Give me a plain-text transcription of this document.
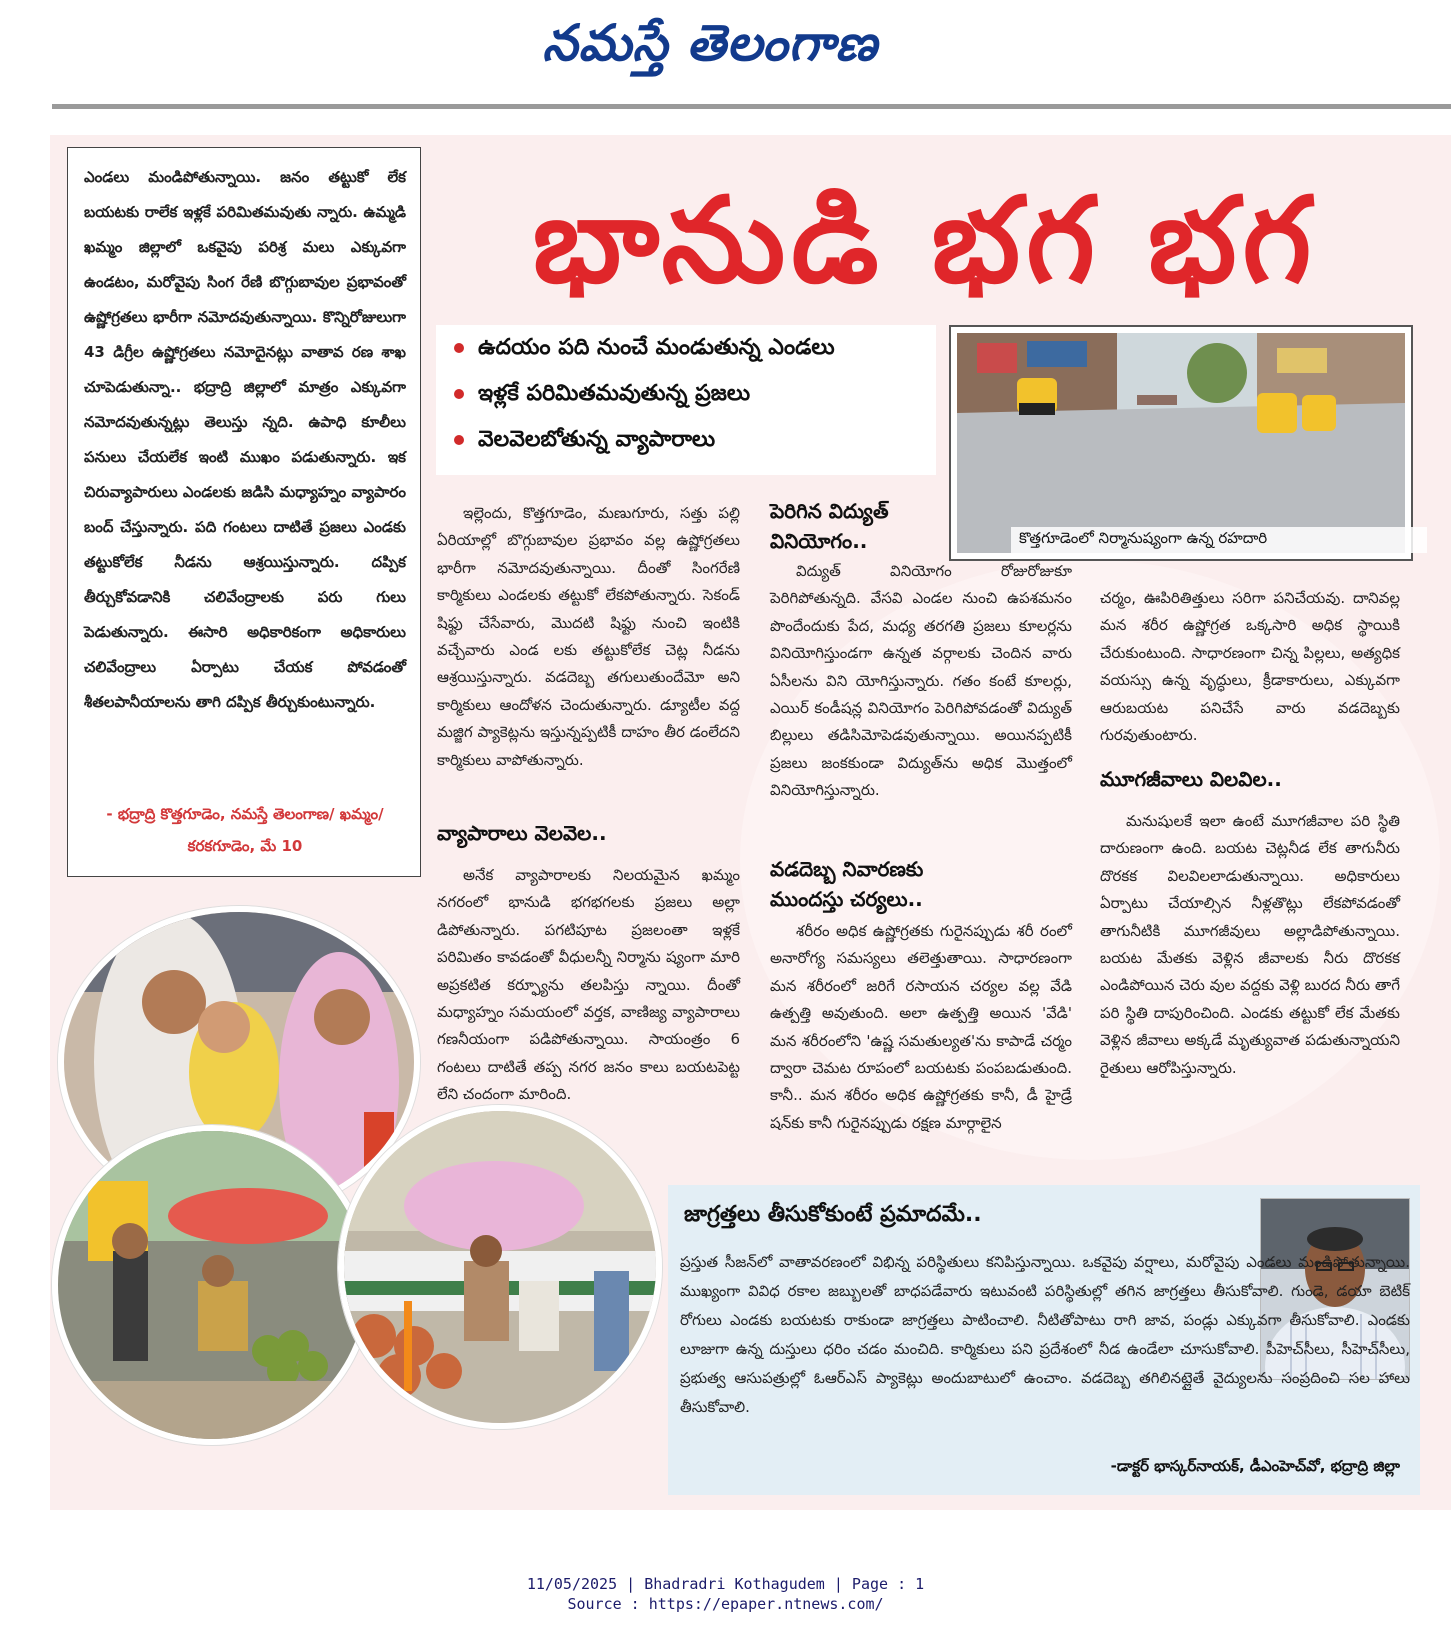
నమస్తే తెలంగాణ
ఎండలు మండిపోతున్నాయి. జనం తట్టుకో లేక బయటకు రాలేక ఇళ్లకే పరిమితమవుతు న్నారు. ఉమ్మడి ఖమ్మం జిల్లాలో ఒకవైపు పరిశ్ర మలు ఎక్కువగా ఉండటం, మరోవైపు సింగ రేణి బొగ్గుబావుల ప్రభావంతో ఉష్ణోగ్రతలు భారీగా నమోదవుతున్నాయి. కొన్నిరోజులుగా 43 డిగ్రీల ఉష్ణోగ్రతలు నమోదైనట్లు వాతావ రణ శాఖ చూపెడుతున్నా.. భద్రాద్రి జిల్లాలో మాత్రం ఎక్కువగా నమోదవుతున్నట్లు తెలుస్తు న్నది. ఉపాధి కూలీలు పనులు చేయలేక ఇంటి ముఖం పడుతున్నారు. ఇక చిరువ్యాపారులు ఎండలకు జడిసి మధ్యాహ్నం వ్యాపారం బంద్ చేస్తున్నారు. పది గంటలు దాటితే ప్రజలు ఎండకు తట్టుకోలేక నీడను ఆశ్రయిస్తున్నారు. దప్పిక తీర్చుకోవడానికి చలివేంద్రాలకు పరు గులు పెడుతున్నారు. ఈసారి అధికారికంగా అధికారులు చలివేంద్రాలు ఏర్పాటు చేయక పోవడంతో శీతలపానీయాలను తాగి దప్పిక తీర్చుకుంటున్నారు.
- భద్రాద్రి కొత్తగూడెం, నమస్తే తెలంగాణ/ ఖమ్మం/కరకగూడెం, మే 10
భానుడి భగ భగ
ఉదయం పది నుంచే మండుతున్న ఎండలు
ఇళ్లకే పరిమితమవుతున్న ప్రజలు
వెలవెలబోతున్న వ్యాపారాలు
కొత్తగూడెంలో నిర్మానుష్యంగా ఉన్న రహదారి
ఇల్లెందు, కొత్తగూడెం, మణుగూరు, సత్తు పల్లి ఏరియాల్లో బొగ్గుబావుల ప్రభావం వల్ల ఉష్ణోగ్రతలు భారీగా నమోదవుతున్నాయి. దీంతో సింగరేణి కార్మికులు ఎండలకు తట్టుకో లేకపోతున్నారు. సెకండ్ షిఫ్టు చేసేవారు, మొదటి షిఫ్టు నుంచి ఇంటికి వచ్చేవారు ఎండ లకు తట్టుకోలేక చెట్ల నీడను ఆశ్రయిస్తున్నారు. వడదెబ్బ తగులుతుందేమో అని కార్మికులు ఆందోళన చెందుతున్నారు. డ్యూటీల వద్ద మజ్జిగ ప్యాకెట్లను ఇస్తున్నప్పటికీ దాహం తీర డంలేదని కార్మికులు వాపోతున్నారు.
వ్యాపారాలు వెలవెల..
అనేక వ్యాపారాలకు నిలయమైన ఖమ్మం నగరంలో భానుడి భగభగలకు ప్రజలు అల్లా డిపోతున్నారు. పగటిపూట ప్రజలంతా ఇళ్లకే పరిమితం కావడంతో వీధులన్నీ నిర్మాను ష్యంగా మారి అప్రకటిత కర్ఫ్యూను తలపిస్తు న్నాయి. దీంతో మధ్యాహ్నం సమయంలో వర్తక, వాణిజ్య వ్యాపారాలు గణనీయంగా పడిపోతున్నాయి. సాయంత్రం 6 గంటలు దాటితే తప్ప నగర జనం కాలు బయటపెట్ట లేని చందంగా మారింది.
పెరిగిన విద్యుత్ వినియోగం..
విద్యుత్ వినియోగం రోజురోజుకూ పెరిగిపోతున్నది. వేసవి ఎండల నుంచి ఉపశమనం పొందేందుకు పేద, మధ్య తరగతి ప్రజలు కూలర్లను వినియోగిస్తుండగా ఉన్నత వర్గాలకు చెందిన వారు ఏసీలను విని యోగిస్తున్నారు. గతం కంటే కూలర్లు, ఎయిర్ కండీషన్ల వినియోగం పెరిగిపోవడంతో విద్యుత్ బిల్లులు తడిసిమోపెడవుతున్నాయి. అయినప్పటికీ ప్రజలు జంకకుండా విద్యుత్‌ను అధిక మొత్తంలో వినియోగిస్తున్నారు.
వడదెబ్బ నివారణకు ముందస్తు చర్యలు..
శరీరం అధిక ఉష్ణోగ్రతకు గురైనప్పుడు శరీ రంలో అనారోగ్య సమస్యలు తలెత్తుతాయి. సాధారణంగా మన శరీరంలో జరిగే రసాయన చర్యల వల్ల వేడి ఉత్పత్తి అవుతుంది. అలా ఉత్పత్తి అయిన 'వేడి' మన శరీరంలోని 'ఉష్ణ సమతుల్యత'ను కాపాడే చర్మం ద్వారా చెమట రూపంలో బయటకు పంపబడుతుంది. కానీ.. మన శరీరం అధిక ఉష్ణోగ్రతకు కానీ, డీ హైడ్రే షన్‌కు కానీ గురైనప్పుడు రక్షణ మార్గాలైన
చర్మం, ఊపిరితిత్తులు సరిగా పనిచేయవు. దానివల్ల మన శరీర ఉష్ణోగ్రత ఒక్కసారి అధిక స్థాయికి చేరుకుంటుంది. సాధారణంగా చిన్న పిల్లలు, అత్యధిక వయస్సు ఉన్న వృద్ధులు, క్రీడాకారులు, ఎక్కువగా ఆరుబయట పనిచేసే వారు వడదెబ్బకు గురవుతుంటారు.
మూగజీవాలు విలవిల..
మనుషులకే ఇలా ఉంటే మూగజీవాల పరి స్థితి దారుణంగా ఉంది. బయట చెట్లనీడ లేక తాగునీరు దొరకక విలవిలలాడుతున్నాయి. అధికారులు ఏర్పాటు చేయాల్సిన నీళ్లతొట్లు లేకపోవడంతో తాగునీటికి మూగజీవులు అల్లాడిపోతున్నాయి. బయట మేతకు వెళ్లిన జీవాలకు నీరు దొరకక ఎండిపోయిన చెరు వుల వద్దకు వెళ్లి బురద నీరు తాగే పరి స్థితి దాపురించింది. ఎండకు తట్టుకో లేక మేతకు వెళ్లిన జీవాలు అక్కడే మృత్యువాత పడుతున్నాయని రైతులు ఆరోపిస్తున్నారు.
జాగ్రత్తలు తీసుకోకుంటే ప్రమాదమే..
ప్రస్తుత సీజన్‌లో వాతావరణంలో విభిన్న పరిస్థితులు కనిపిస్తున్నాయి. ఒకవైపు వర్షాలు, మరోవైపు ఎండలు మండిపోతున్నాయి. ముఖ్యంగా వివిధ రకాల జబ్బులతో బాధపడేవారు ఇటువంటి పరిస్థితుల్లో తగిన జాగ్రత్తలు తీసుకోవాలి. గుండె, డయా బెటిక్ రోగులు ఎండకు బయటకు రాకుండా జాగ్రత్తలు పాటించాలి. నీటితోపాటు రాగి జావ, పండ్లు ఎక్కువగా తీసుకోవాలి. ఎండకు లూజుగా ఉన్న దుస్తులు ధరిం చడం మంచిది. కార్మికులు పని ప్రదేశంలో నీడ ఉండేలా చూసుకోవాలి. పీహెచ్‌సీలు, సీహెచ్‌సీలు, ప్రభుత్వ ఆసుపత్రుల్లో ఓఆర్‌ఎస్ ప్యాకెట్లు అందుబాటులో ఉంచాం. వడదెబ్బ తగిలినట్లైతే వైద్యులను సంప్రదించి సల హాలు తీసుకోవాలి.
-డాక్టర్ భాస్కర్‌నాయక్, డీఎంహెచ్‌వో, భద్రాద్రి జిల్లా
11/05/2025 | Bhadradri Kothagudem | Page : 1
Source : https://epaper.ntnews.com/
